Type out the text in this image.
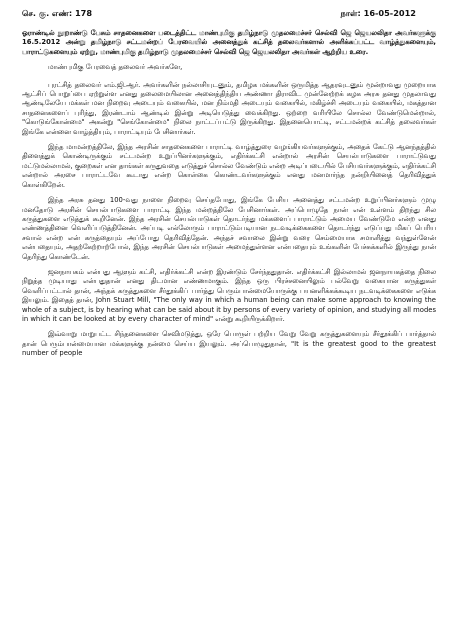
செ. கு. எண்: 178	நாள்: 16-05-2012

ஓராண்டில் நூறாண்டு பேசும் சாதனைகளை படைத்திட்ட மாண்புமிகு தமிழ்நாடு முதலமைச்சர் செல்வி ஜெ ஜெயலலிதா அவர்களுக்கு 16.5.2012 அன்று தமிழ்நாடு சட்டமன்றப் பேரவையில் அனைத்துக் கட்சித் தலைவர்களால் அளிக்கப்பட்ட வாழ்த்துகளையும், பாராட்டுகளையும் ஏற்று, மாண்புமிகு தமிழ்நாடு முதலமைச்சர் செல்வி ஜெ ஜெயலலிதா அவர்கள் ஆற்றிய உரை.

மாண்புமிகு பேரவைத் தலைவர் அவர்களே,

புரட்சித் தலைவர் எம்.ஜி.ஆர். அவர்களின் நல்லாசியுடனும், தமிழக மக்களின் ஒருமித்த ஆதரவுடனும் மூன்றாவது முறையாக ஆட்சிப் பொறுப்பை ஏற்றுள்ள எனது தலைமையிலான அனைத்திந்திய அண்ணா திராவிட முன்னேற்றக் கழக அரசு தனது முதலாவது ஆண்டிலேயே மக்கள் மன நிறைவு அடையும் வகையில், மன நிம்மதி அடையும் வகையில், மகிழ்ச்சி அடையும் வகையில், மகத்தான சாதனைகளைப் புரிந்து, இரண்டாம் ஆண்டில் இன்று அடியெடுத்து வைக்கிறது. ஒற்றை வரியிலே சொல்ல வேண்டுமென்றால், "கொடுங்கோன்மை" அகன்று "செங்கோன்மை" நிலை நாட்டப்பட்டு இருக்கிறது. இதனையொட்டி, சட்டமன்றக் கட்சித் தலைவர்கள் இங்கே என்னை வாழ்த்தியும், பாராட்டியும் பேசினார்கள்.

இந்த மாமன்றத்திலே, இந்த அரசின் சாதனைகளை பாராட்டி வாழ்த்துரை வழங்கியவர்களுக்கும், அதைக் கேட்டு ஆனந்தத்தில் திளைத்துக் கொண்டிருக்கும் சட்டமன்ற உறுப்பினர்களுக்கும், எதிர்க்கட்சி என்றால் அரசின் செயல்பாடுகளை பாராட்டுவது மட்டுமல்லாமல், குறைகள் என தாங்கள் கருதுவதை எடுத்துச் சொல்ல வேண்டும் என்ற அடிப்படையில் பேசியவர்களுக்கும், எதிர்க்கட்சி என்றால் அரசை பாராட்டவே கூடாது என்ற கொள்கை கொண்டவர்களுக்கும் எனது மனமார்ந்த நன்றியினைத் தெரிவித்துக் கொள்கிறேன்.

இந்த அரசு தனது 100-வது நாளை நிறைவு செய்தபோது, இங்கே பேசிய அனைத்து சட்டமன்ற உறுப்பினர்களும் முழு மனதோடு அரசின் செயல்பாடுகளை பாராட்டி இந்த மன்றத்திலே பேசினார்கள். அப்பொழுதே நான் என் உள்ளம் திறந்து சில கருத்துகளை எடுத்துக் கூறினேன். இந்த அரசின் செயல்பாடுகள் தொடர்ந்து மக்களைப் பாராட்டும் அமைய வேண்டுமே என்ற எனது எண்ணத்தினை வெளிப்படுத்தினேன். அப்படி எல்லோரும் பாராட்டும்படியான நடவடிக்கைகளை தொடர்ந்து எடுப்பது மிகப் பெரிய சவால் என்ற என் கருத்தையும் அப்போது தெரிவித்தேன். அந்தச் சவாலை இன்று வரை செம்மையாக சமாளித்து வந்துள்ளேன் என்பதையும், அதற்கேற்றாற்போல், இந்த அரசின் செயல்பாடுகள் அமைந்துள்ளன என்பதையும் உங்களின் பேச்சுக்களில் இருந்து நான் தெரிந்து கொண்டேன்.

ஜனநாயகம் என்பது ஆளும் கட்சி, எதிர்க்கட்சி என்ற இரண்டும் சேர்ந்ததுதான். எதிர்க்கட்சி இல்லாமல் ஜனநாயகத்தை நிலை நிறுத்த முடியாது என்பதுதான் எனது திடமான எண்ணமாகும். இந்த ஒரு பிரச்சனையிலும் பல்வேறு வகையான கருத்துகள் வெளிப்பட்டால் தான், அந்தக் கருத்துகளை சீர்தூக்கிப் பார்த்து பெரும்பான்மையோருக்கு பயனளிக்கக்கூடிய நடவடிக்கைகளை எடுக்க இயலும். இதைத் தான், John Stuart Mill, "The only way in which a human being can make some approach to knowing the whole of a subject, is by hearing what can be said about it by persons of every variety of opinion, and studying all modes in which it can be looked at by every character of mind" என்று கூறியிருக்கிறார்.

இவ்வாறு மாறுபட்ட சிந்தனைகளை செவிமடுத்து, ஒரே பொருள் பற்றிய வேறு வேறு கருத்துகளையும் சீர்தூக்கிப் பார்த்தால் தான் பெரும்பான்மையான மக்களுக்கு நன்மை செய்ய இயலும். அப்பொழுதுதான், "It is the greatest good to the greatest number of people
